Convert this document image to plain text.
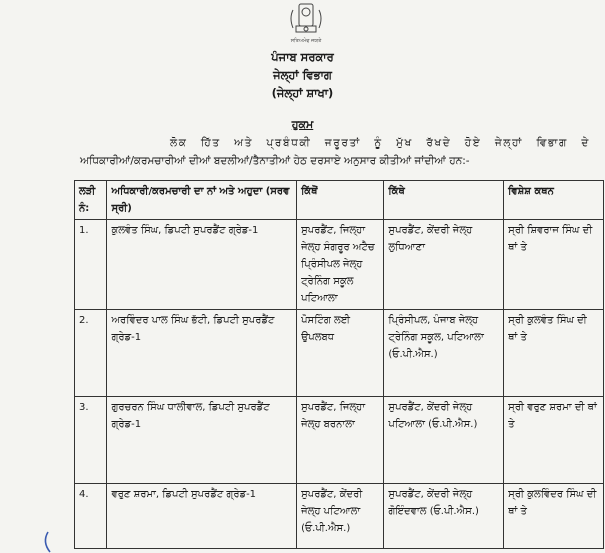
ਸਤਿਅਮੇਵ ਜਯਤੇ
ਪੰਜਾਬ ਸਰਕਾਰ
ਜੇਲ੍ਹਾਂ ਵਿਭਾਗ
(ਜੇਲ੍ਹਾਂ ਸ਼ਾਖਾ)
ਹੁਕਮ
ਲੋਕ ਹਿੱਤ ਅਤੇ ਪ੍ਰਬੰਧਕੀ ਜਰੂਰਤਾਂ ਨੂੰ ਮੁੱਖ ਰੱਖਦੇ ਹੋਏ ਜੇਲ੍ਹਾਂ ਵਿਭਾਗ ਦੇ
ਅਧਿਕਾਰੀਆਂ/ਕਰਮਚਾਰੀਆਂ ਦੀਆਂ ਬਦਲੀਆਂ/ਤੈਨਾਤੀਆਂ ਹੇਠ ਦਰਸਾਏ ਅਨੁਸਾਰ ਕੀਤੀਆਂ ਜਾਂਦੀਆਂ ਹਨ:-
ਲੜੀ ਨੰ:	ਅਧਿਕਾਰੀ/ਕਰਮਚਾਰੀ ਦਾ ਨਾਂ ਅਤੇ ਅਹੁਦਾ (ਸਰਵ ਸ੍ਰੀ)	ਕਿੱਥੋਂ	ਕਿੱਥੇ	ਵਿਸ਼ੇਸ਼ ਕਥਨ
1.	ਕੁਲਵੰਤ ਸਿੰਘ, ਡਿਪਟੀ ਸੁਪਰਡੈਂਟ ਗ੍ਰੇਡ-1	ਸੁਪਰਡੈਂਟ, ਜਿਲ੍ਹਾ ਜੇਲ੍ਹ ਸੰਗਰੂਰ ਅਟੈਚ ਪ੍ਰਿੰਸੀਪਲ ਜੇਲ੍ਹ ਟ੍ਰੇਨਿੰਗ ਸਕੂਲ ਪਟਿਆਲਾ	ਸੁਪਰਡੈਂਟ, ਕੇਂਦਰੀ ਜੇਲ੍ਹ ਲੁਧਿਆਣਾ	ਸ੍ਰੀ ਸ਼ਿਵਰਾਜ ਸਿੰਘ ਦੀ ਥਾਂ ਤੇ
2.	ਅਰਵਿੰਦਰ ਪਾਲ ਸਿੰਘ ਭੱਟੀ, ਡਿਪਟੀ ਸੁਪਰਡੈਂਟ ਗ੍ਰੇਡ-1	ਪੋਸਟਿੰਗ ਲਈ ਉਪਲਬਧ	ਪ੍ਰਿੰਸੀਪਲ, ਪੰਜਾਬ ਜੇਲ੍ਹ ਟ੍ਰੇਨਿੰਗ ਸਕੂਲ, ਪਟਿਆਲਾ (ਓ.ਪੀ.ਐਸ.)	ਸ੍ਰੀ ਕੁਲਵੰਤ ਸਿੰਘ ਦੀ ਥਾਂ ਤੇ
3.	ਗੁਰਚਰਨ ਸਿੰਘ ਧਾਲੀਵਾਲ, ਡਿਪਟੀ ਸੁਪਰਡੈਂਟ ਗ੍ਰੇਡ-1	ਸੁਪਰਡੈਂਟ, ਜਿਲ੍ਹਾ ਜੇਲ੍ਹ ਬਰਨਾਲਾ	ਸੁਪਰਡੈਂਟ, ਕੇਂਦਰੀ ਜੇਲ੍ਹ ਪਟਿਆਲਾ (ਓ.ਪੀ.ਐਸ.)	ਸ੍ਰੀ ਵਰੁਣ ਸ਼ਰਮਾ ਦੀ ਥਾਂ ਤੇ
4.	ਵਰੁਣ ਸ਼ਰਮਾ, ਡਿਪਟੀ ਸੁਪਰਡੈਂਟ ਗ੍ਰੇਡ-1	ਸੁਪਰਡੈਂਟ, ਕੇਂਦਰੀ ਜੇਲ੍ਹ ਪਟਿਆਲਾ (ਓ.ਪੀ.ਐਸ.)	ਸੁਪਰਡੈਂਟ, ਕੇਂਦਰੀ ਜੇਲ੍ਹ ਗੋਇੰਦਵਾਲ (ਓ.ਪੀ.ਐਸ.)	ਸ੍ਰੀ ਕੁਲਵਿੰਦਰ ਸਿੰਘ ਦੀ ਥਾਂ ਤੇ
